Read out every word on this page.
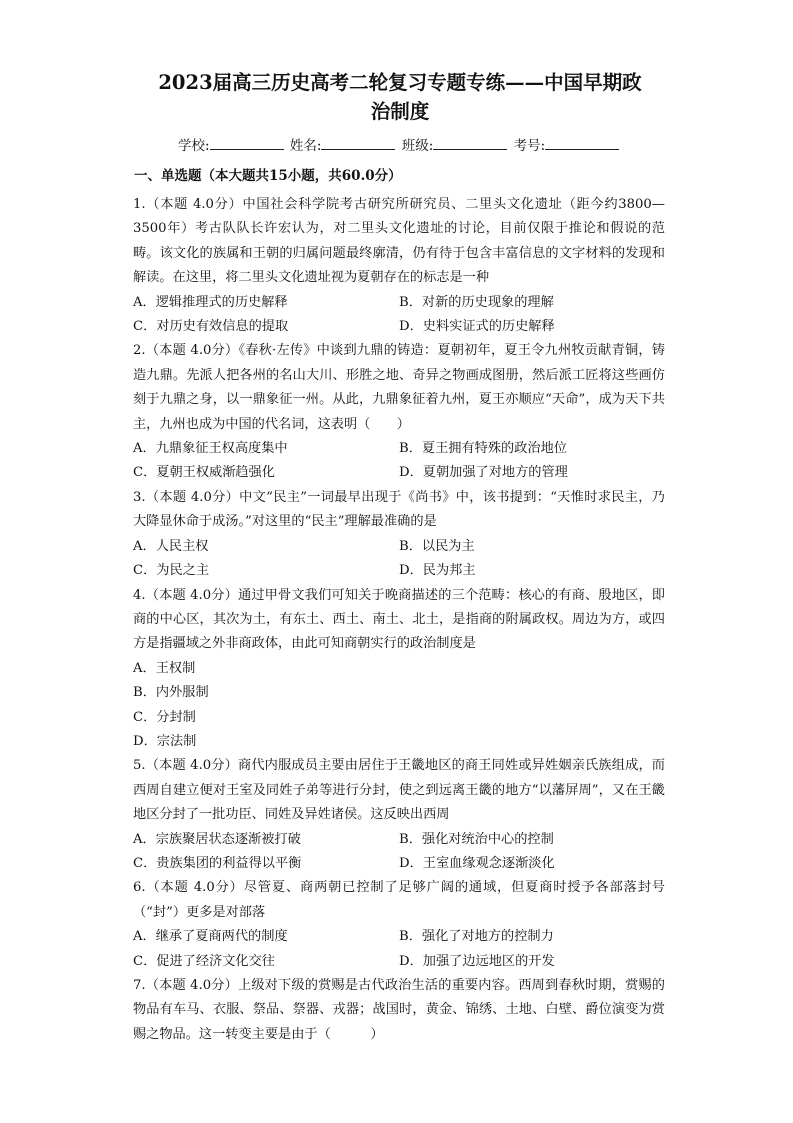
2023届高三历史高考二轮复习专题专练——中国早期政治制度
学校:	姓名:	班级:	考号:
一、单选题（本大题共15小题，共60.0分）

1.（本题 4.0分）中国社会科学院考古研究所研究员、二里头文化遗址（距今约3800—3500年）考古队队长许宏认为，对二里头文化遗址的讨论，目前仅限于推论和假说的范畴。该文化的族属和王朝的归属问题最终廓清，仍有待于包含丰富信息的文字材料的发现和解读。在这里，将二里头文化遗址视为夏朝存在的标志是一种

A．逻辑推理式的历史解释	B．对新的历史现象的理解
C．对历史有效信息的提取	D．史料实证式的历史解释

2.（本题 4.0分）《春秋·左传》中谈到九鼎的铸造：夏朝初年，夏王令九州牧贡献青铜，铸造九鼎。先派人把各州的名山大川、形胜之地、奇异之物画成图册，然后派工匠将这些画仿刻于九鼎之身，以一鼎象征一州。从此，九鼎象征着九州，夏王亦顺应“天命”，成为天下共主，九州也成为中国的代名词，这表明（　　）

A．九鼎象征王权高度集中	B．夏王拥有特殊的政治地位
C．夏朝王权威渐趋强化	D．夏朝加强了对地方的管理

3.（本题 4.0分）中文“民主”一词最早出现于《尚书》中，该书提到：“天惟时求民主，乃大降显休命于成汤。”对这里的“民主”理解最准确的是

A．人民主权	B．以民为主
C．为民之主	D．民为邦主

4.（本题 4.0分）通过甲骨文我们可知关于晚商描述的三个范畴：核心的有商、殷地区，即商的中心区，其次为土，有东土、西土、南土、北土，是指商的附属政权。周边为方，或四方是指疆域之外非商政体，由此可知商朝实行的政治制度是

A．王权制
B．内外服制
C．分封制
D．宗法制

5.（本题 4.0分）商代内服成员主要由居住于王畿地区的商王同姓或异姓姻亲氏族组成，而西周自建立便对王室及同姓子弟等进行分封，使之到远离王畿的地方“以藩屏周”，又在王畿地区分封了一批功臣、同姓及异姓诸侯。这反映出西周

A．宗族聚居状态逐渐被打破	B．强化对统治中心的控制
C．贵族集团的利益得以平衡	D．王室血缘观念逐渐淡化

6.（本题 4.0分）尽管夏、商两朝已控制了足够广阔的通域，但夏商时授予各部落封号（“封”）更多是对部落

A．继承了夏商两代的制度	B．强化了对地方的控制力
C．促进了经济文化交往	D．加强了边远地区的开发

7.（本题 4.0分）上级对下级的赏赐是古代政治生活的重要内容。西周到春秋时期，赏赐的物品有车马、衣服、祭品、祭器、戎器；战国时，黄金、锦绣、土地、白壁、爵位演变为赏赐之物品。这一转变主要是由于（　　　）
